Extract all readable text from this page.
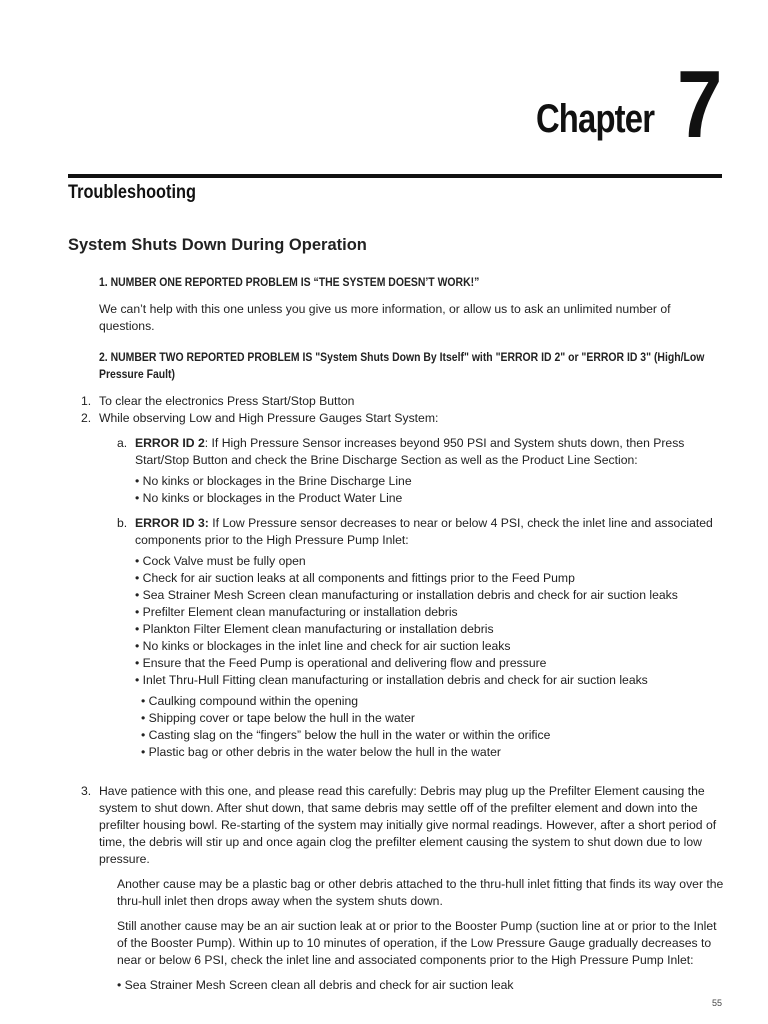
Chapter 7
Troubleshooting
System Shuts Down During Operation

1. NUMBER ONE REPORTED PROBLEM IS “THE SYSTEM DOESN’T WORK!”

We can’t help with this one unless you give us more information, or allow us to ask an unlimited number of questions.

2. NUMBER TWO REPORTED PROBLEM IS "System Shuts Down By Itself" with "ERROR ID 2" or "ERROR ID 3" (High/Low Pressure Fault)

1. To clear the electronics Press Start/Stop Button
2. While observing Low and High Pressure Gauges Start System:
a. ERROR ID 2: If High Pressure Sensor increases beyond 950 PSI and System shuts down, then Press Start/Stop Button and check the Brine Discharge Section as well as the Product Line Section:
• No kinks or blockages in the Brine Discharge Line
• No kinks or blockages in the Product Water Line
b. ERROR ID 3: If Low Pressure sensor decreases to near or below 4 PSI, check the inlet line and associated components prior to the High Pressure Pump Inlet:
• Cock Valve must be fully open
• Check for air suction leaks at all components and fittings prior to the Feed Pump
• Sea Strainer Mesh Screen clean manufacturing or installation debris and check for air suction leaks
• Prefilter Element clean manufacturing or installation debris
• Plankton Filter Element clean manufacturing or installation debris
• No kinks or blockages in the inlet line and check for air suction leaks
• Ensure that the Feed Pump is operational and delivering flow and pressure
• Inlet Thru-Hull Fitting clean manufacturing or installation debris and check for air suction leaks
• Caulking compound within the opening
• Shipping cover or tape below the hull in the water
• Casting slag on the “fingers” below the hull in the water or within the orifice
• Plastic bag or other debris in the water below the hull in the water
3. Have patience with this one, and please read this carefully: Debris may plug up the Prefilter Element causing the system to shut down. After shut down, that same debris may settle off of the prefilter element and down into the prefilter housing bowl. Re-starting of the system may initially give normal readings. However, after a short period of time, the debris will stir up and once again clog the prefilter element causing the system to shut down due to low pressure.

Another cause may be a plastic bag or other debris attached to the thru-hull inlet fitting that finds its way over the thru-hull inlet then drops away when the system shuts down.

Still another cause may be an air suction leak at or prior to the Booster Pump (suction line at or prior to the Inlet of the Booster Pump). Within up to 10 minutes of operation, if the Low Pressure Gauge gradually decreases to near or below 6 PSI, check the inlet line and associated components prior to the High Pressure Pump Inlet:

• Sea Strainer Mesh Screen clean all debris and check for air suction leak

55
